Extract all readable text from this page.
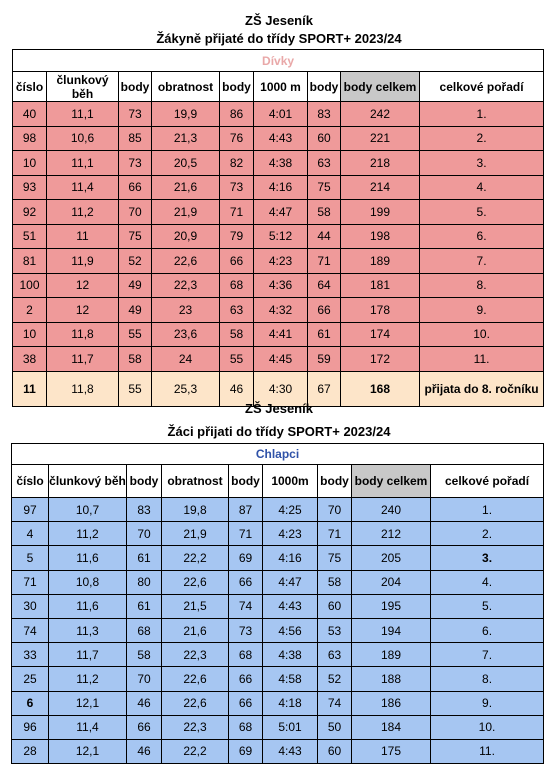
ZŠ Jeseník
Žákyně přijaté do třídy SPORT+ 2023/24
Dívky								
číslo	člunkový běh	body	obratnost	body	1000 m	body	body celkem	celkové pořadí
40	11,1	73	19,9	86	4:01	83	242	1.
98	10,6	85	21,3	76	4:43	60	221	2.
10	11,1	73	20,5	82	4:38	63	218	3.
93	11,4	66	21,6	73	4:16	75	214	4.
92	11,2	70	21,9	71	4:47	58	199	5.
51	11	75	20,9	79	5:12	44	198	6.
81	11,9	52	22,6	66	4:23	71	189	7.
100	12	49	22,3	68	4:36	64	181	8.
2	12	49	23	63	4:32	66	178	9.
10	11,8	55	23,6	58	4:41	61	174	10.
38	11,7	58	24	55	4:45	59	172	11.
11	11,8	55	25,3	46	4:30	67	168	přijata do 8. ročníku
ZŠ Jeseník
Žáci přijati do třídy SPORT+ 2023/24
Chlapci								
číslo	člunkový běh	body	obratnost	body	1000m	body	body celkem	celkové pořadí
97	10,7	83	19,8	87	4:25	70	240	1.
4	11,2	70	21,9	71	4:23	71	212	2.
5	11,6	61	22,2	69	4:16	75	205	3.
71	10,8	80	22,6	66	4:47	58	204	4.
30	11,6	61	21,5	74	4:43	60	195	5.
74	11,3	68	21,6	73	4:56	53	194	6.
33	11,7	58	22,3	68	4:38	63	189	7.
25	11,2	70	22,6	66	4:58	52	188	8.
6	12,1	46	22,6	66	4:18	74	186	9.
96	11,4	66	22,3	68	5:01	50	184	10.
28	12,1	46	22,2	69	4:43	60	175	11.
